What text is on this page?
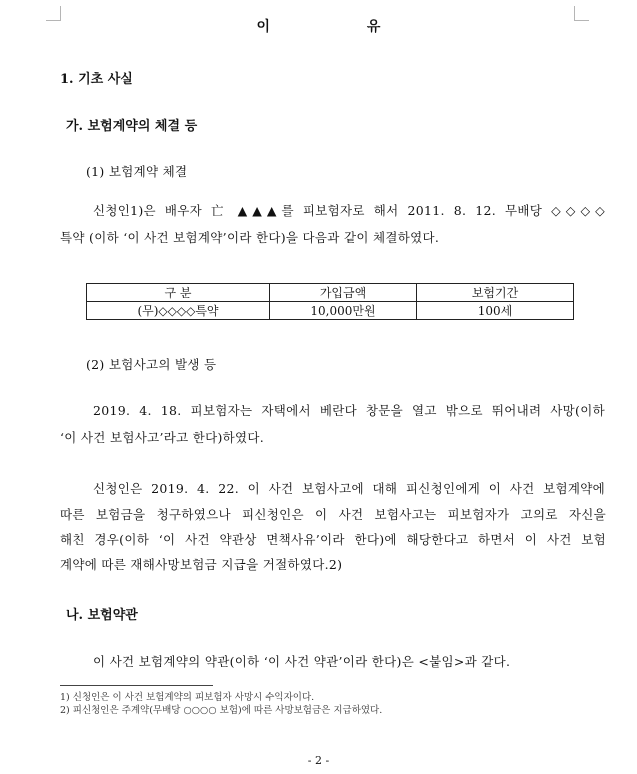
이 유
1. 기초 사실
가. 보험계약의 체결 등
(1) 보험계약 체결
신청인1)은 배우자 亡 ▲▲▲를 피보험자로 해서 2011. 8. 12. 무배당 ◇◇◇◇
특약 (이하 ‘이 사건 보험계약’이라 한다)을 다음과 같이 체결하였다.
구 분	가입금액	보험기간
(무)◇◇◇◇특약	10,000만원	100세
(2) 보험사고의 발생 등
2019. 4. 18. 피보험자는 자택에서 베란다 창문을 열고 밖으로 뛰어내려 사망(이하
‘이 사건 보험사고’라고 한다)하였다.
신청인은 2019. 4. 22. 이 사건 보험사고에 대해 피신청인에게 이 사건 보험계약에
따른 보험금을 청구하였으나 피신청인은 이 사건 보험사고는 피보험자가 고의로 자신을
해친 경우(이하 ‘이 사건 약관상 면책사유’이라 한다)에 해당한다고 하면서 이 사건 보험
계약에 따른 재해사망보험금 지급을 거절하였다.2)
나. 보험약관
이 사건 보험계약의 약관(이하 ‘이 사건 약관’이라 한다)은 <붙임>과 같다.
1) 신청인은 이 사건 보험계약의 피보험자 사망시 수익자이다.
2) 피신청인은 주계약(무배당 ○○○○ 보험)에 따른 사망보험금은 지급하였다.
- 2 -
